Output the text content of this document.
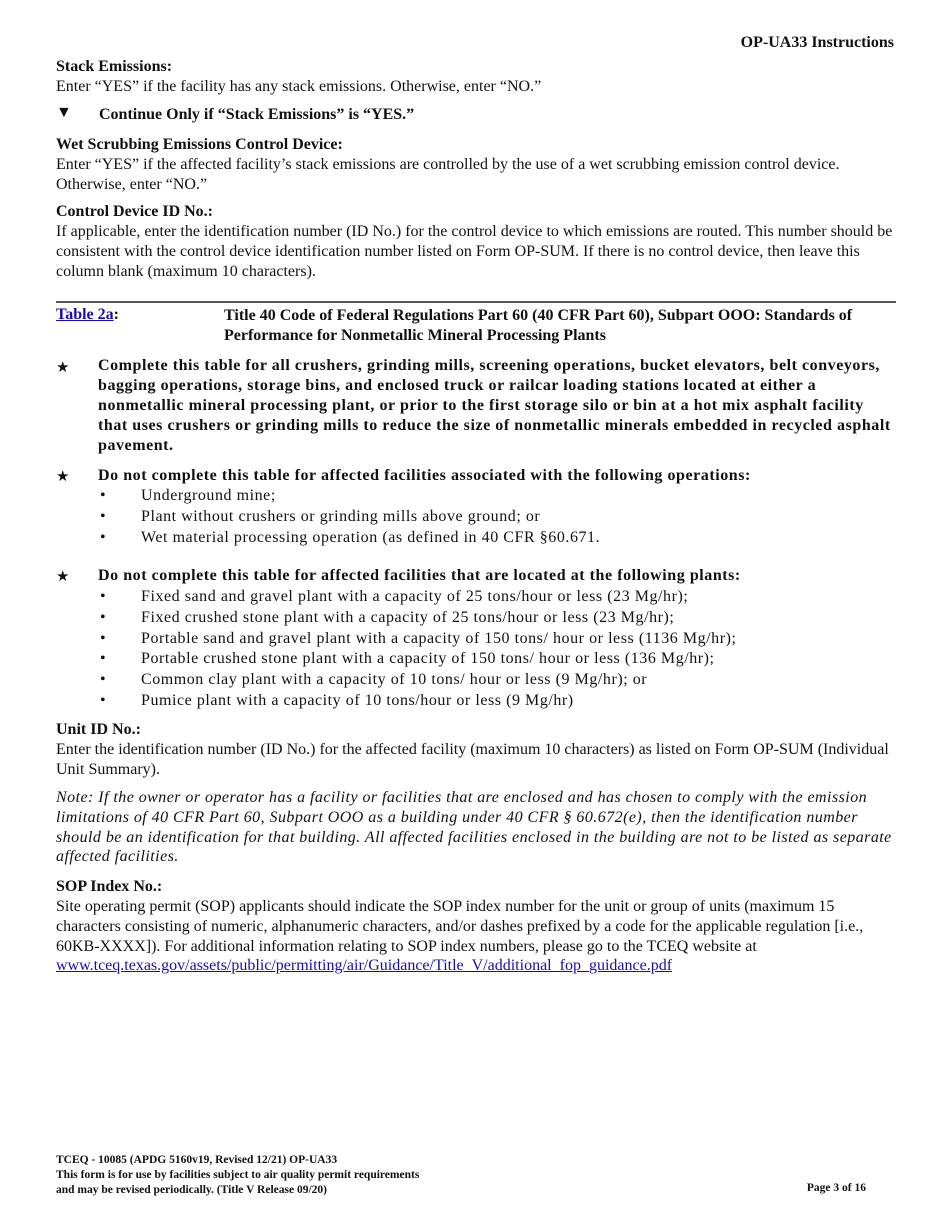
OP-UA33 Instructions
Stack Emissions:
Enter “YES” if the facility has any stack emissions. Otherwise, enter “NO.”
▼ Continue Only if “Stack Emissions” is “YES.”
Wet Scrubbing Emissions Control Device:
Enter “YES” if the affected facility’s stack emissions are controlled by the use of a wet scrubbing emission control device. Otherwise, enter “NO.”
Control Device ID No.:
If applicable, enter the identification number (ID No.) for the control device to which emissions are routed. This number should be consistent with the control device identification number listed on Form OP-SUM. If there is no control device, then leave this column blank (maximum 10 characters).
Table 2a:	Title 40 Code of Federal Regulations Part 60 (40 CFR Part 60), Subpart OOO: Standards of Performance for Nonmetallic Mineral Processing Plants
★ Complete this table for all crushers, grinding mills, screening operations, bucket elevators, belt conveyors, bagging operations, storage bins, and enclosed truck or railcar loading stations located at either a nonmetallic mineral processing plant, or prior to the first storage silo or bin at a hot mix asphalt facility that uses crushers or grinding mills to reduce the size of nonmetallic minerals embedded in recycled asphalt pavement.
★ Do not complete this table for affected facilities associated with the following operations:
• Underground mine;
• Plant without crushers or grinding mills above ground; or
• Wet material processing operation (as defined in 40 CFR §60.671.
★ Do not complete this table for affected facilities that are located at the following plants:
• Fixed sand and gravel plant with a capacity of 25 tons/hour or less (23 Mg/hr);
• Fixed crushed stone plant with a capacity of 25 tons/hour or less (23 Mg/hr);
• Portable sand and gravel plant with a capacity of 150 tons/ hour or less (1136 Mg/hr);
• Portable crushed stone plant with a capacity of 150 tons/ hour or less (136 Mg/hr);
• Common clay plant with a capacity of 10 tons/ hour or less (9 Mg/hr); or
• Pumice plant with a capacity of 10 tons/hour or less (9 Mg/hr)
Unit ID No.:
Enter the identification number (ID No.) for the affected facility (maximum 10 characters) as listed on Form OP-SUM (Individual Unit Summary).
Note: If the owner or operator has a facility or facilities that are enclosed and has chosen to comply with the emission limitations of 40 CFR Part 60, Subpart OOO as a building under 40 CFR § 60.672(e), then the identification number should be an identification for that building. All affected facilities enclosed in the building are not to be listed as separate affected facilities.
SOP Index No.:
Site operating permit (SOP) applicants should indicate the SOP index number for the unit or group of units (maximum 15 characters consisting of numeric, alphanumeric characters, and/or dashes prefixed by a code for the applicable regulation [i.e., 60KB-XXXX]). For additional information relating to SOP index numbers, please go to the TCEQ website at www.tceq.texas.gov/assets/public/permitting/air/Guidance/Title_V/additional_fop_guidance.pdf
TCEQ - 10085 (APDG 5160v19, Revised 12/21) OP-UA33
This form is for use by facilities subject to air quality permit requirements
and may be revised periodically. (Title V Release 09/20)	Page 3 of 16
